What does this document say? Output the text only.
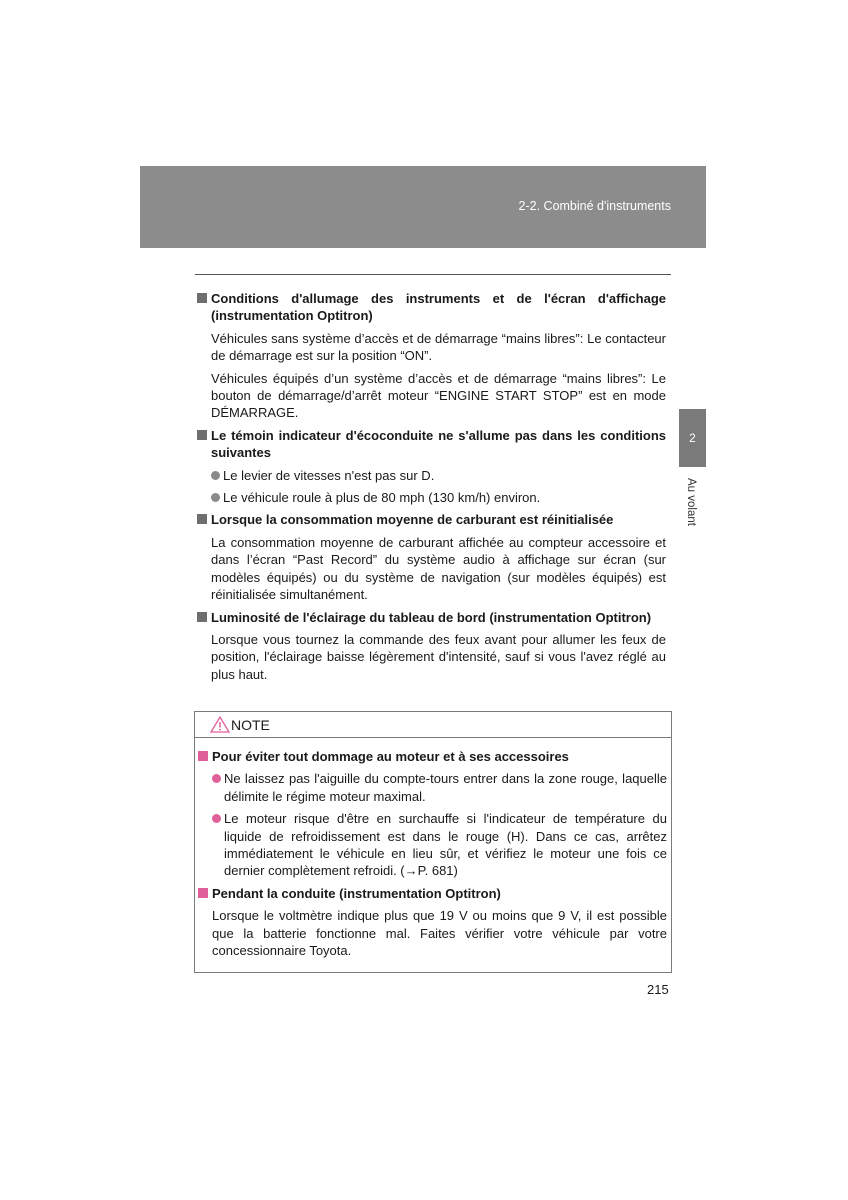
2-2. Combiné d'instruments
2
Au volant
Conditions d'allumage des instruments et de l'écran d'affichage (instrumentation Optitron)

Véhicules sans système d’accès et de démarrage “mains libres”: Le contacteur de démarrage est sur la position “ON”.

Véhicules équipés d’un système d’accès et de démarrage “mains libres”: Le bouton de démarrage/d’arrêt moteur “ENGINE START STOP” est en mode DÉMARRAGE.

Le témoin indicateur d'écoconduite ne s'allume pas dans les conditions suivantes
Le levier de vitesses n'est pas sur D.
Le véhicule roule à plus de 80 mph (130 km/h) environ.
Lorsque la consommation moyenne de carburant est réinitialisée

La consommation moyenne de carburant affichée au compteur accessoire et dans l’écran “Past Record” du système audio à affichage sur écran (sur modèles équipés) ou du système de navigation (sur modèles équipés) est réinitialisée simultanément.

Luminosité de l'éclairage du tableau de bord (instrumentation Optitron)

Lorsque vous tournez la commande des feux avant pour allumer les feux de position, l'éclairage baisse légèrement d'intensité, sauf si vous l'avez réglé au plus haut.

NOTE
Pour éviter tout dommage au moteur et à ses accessoires
Ne laissez pas l'aiguille du compte-tours entrer dans la zone rouge, laquelle délimite le régime moteur maximal.
Le moteur risque d'être en surchauffe si l'indicateur de température du liquide de refroidissement est dans le rouge (H). Dans ce cas, arrêtez immédiatement le véhicule en lieu sûr, et vérifiez le moteur une fois ce dernier complètement refroidi. (→P. 681)
Pendant la conduite (instrumentation Optitron)

Lorsque le voltmètre indique plus que 19 V ou moins que 9 V, il est possible que la batterie fonctionne mal. Faites vérifier votre véhicule par votre concessionnaire Toyota.

215
